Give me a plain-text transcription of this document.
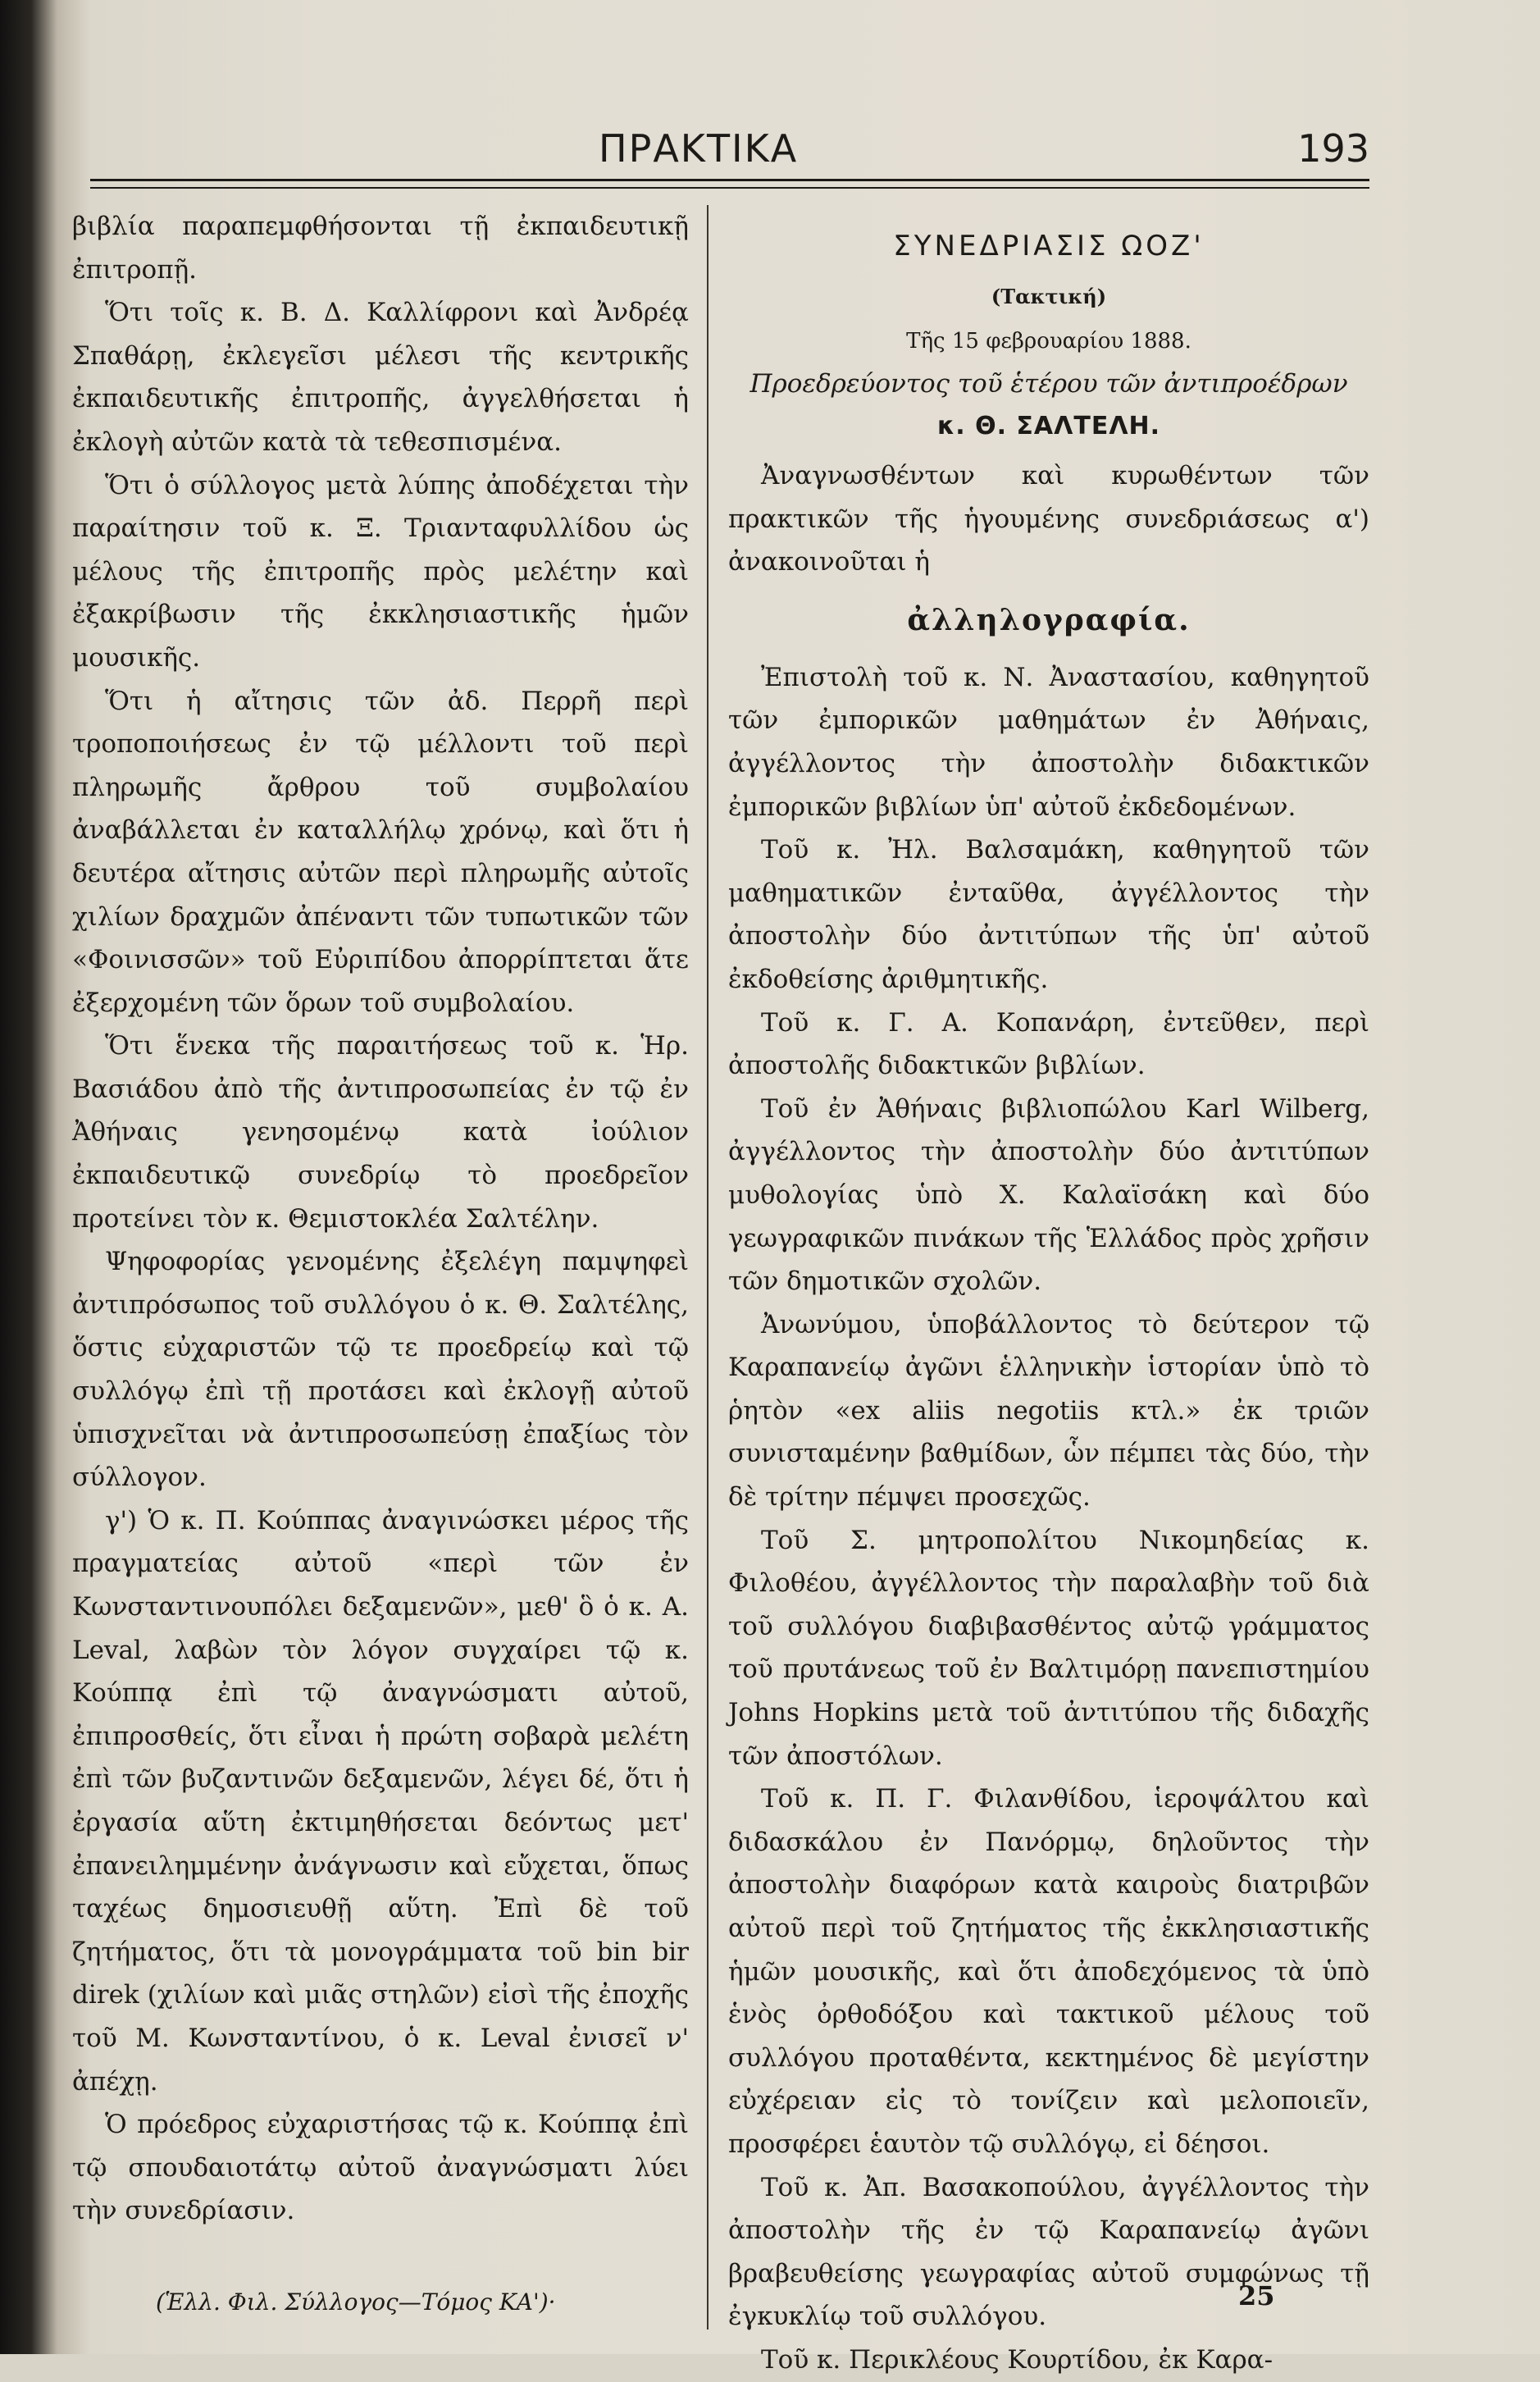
ΠΡΑΚΤΙΚΑ	193

βιβλία παραπεμφθήσονται τῇ ἐκπαιδευτικῇ ἐπιτροπῇ.

Ὅτι τοῖς κ. Β. Δ. Καλλίφρονι καὶ Ἀνδρέᾳ Σπαθάρῃ, ἐκλεγεῖσι μέλεσι τῆς κεντρικῆς ἐκπαιδευτικῆς ἐπιτροπῆς, ἀγγελθήσεται ἡ ἐκλογὴ αὐτῶν κατὰ τὰ τεθεσπισμένα.

Ὅτι ὁ σύλλογος μετὰ λύπης ἀποδέχεται τὴν παραίτησιν τοῦ κ. Ξ. Τριανταφυλλίδου ὡς μέλους τῆς ἐπιτροπῆς πρὸς μελέτην καὶ ἐξακρίβωσιν τῆς ἐκκλησιαστικῆς ἡμῶν μουσικῆς.

Ὅτι ἡ αἴτησις τῶν ἀδ. Περρῆ περὶ τροποποιήσεως ἐν τῷ μέλλοντι τοῦ περὶ πληρωμῆς ἄρθρου τοῦ συμβολαίου ἀναβάλλεται ἐν καταλλήλῳ χρόνῳ, καὶ ὅτι ἡ δευτέρα αἴτησις αὐτῶν περὶ πληρωμῆς αὐτοῖς χιλίων δραχμῶν ἀπέναντι τῶν τυπωτικῶν τῶν «Φοινισσῶν» τοῦ Εὐριπίδου ἀπορρίπτεται ἅτε ἐξερχομένη τῶν ὅρων τοῦ συμβολαίου.

Ὅτι ἕνεκα τῆς παραιτήσεως τοῦ κ. Ἡρ. Βασιάδου ἀπὸ τῆς ἀντιπροσωπείας ἐν τῷ ἐν Ἀθήναις γενησομένῳ κατὰ ἰούλιον ἐκπαιδευτικῷ συνεδρίῳ τὸ προεδρεῖον προτείνει τὸν κ. Θεμιστοκλέα Σαλτέλην.

Ψηφοφορίας γενομένης ἐξελέγη παμψηφεὶ ἀντιπρόσωπος τοῦ συλλόγου ὁ κ. Θ. Σαλτέλης, ὅστις εὐχαριστῶν τῷ τε προεδρείῳ καὶ τῷ συλλόγῳ ἐπὶ τῇ προτάσει καὶ ἐκλογῇ αὐτοῦ ὑπισχνεῖται νὰ ἀντιπροσωπεύσῃ ἐπαξίως τὸν σύλλογον.

γ') Ὁ κ. Π. Κούππας ἀναγινώσκει μέρος τῆς πραγματείας αὐτοῦ «περὶ τῶν ἐν Κωνσταντινουπόλει δεξαμενῶν», μεθ' ὃ ὁ κ. A. Leval, λαβὼν τὸν λόγον συγχαίρει τῷ κ. Κούππᾳ ἐπὶ τῷ ἀναγνώσματι αὐτοῦ, ἐπιπροσθείς, ὅτι εἶναι ἡ πρώτη σοβαρὰ μελέτη ἐπὶ τῶν βυζαντινῶν δεξαμενῶν, λέγει δέ, ὅτι ἡ ἐργασία αὕτη ἐκτιμηθήσεται δεόντως μετ' ἐπανειλημμένην ἀνάγνωσιν καὶ εὔχεται, ὅπως ταχέως δημοσιευθῇ αὕτη. Ἐπὶ δὲ τοῦ ζητήματος, ὅτι τὰ μονογράμματα τοῦ bin bir direk (χιλίων καὶ μιᾶς στηλῶν) εἰσὶ τῆς ἐποχῆς τοῦ Μ. Κωνσταντίνου, ὁ κ. Leval ἐνισεῖ ν' ἀπέχῃ.

Ὁ πρόεδρος εὐχαριστήσας τῷ κ. Κούππᾳ ἐπὶ τῷ σπουδαιοτάτῳ αὐτοῦ ἀναγνώσματι λύει τὴν συνεδρίασιν.

ΣΥΝΕΔΡΙΑΣΙΣ ΩΟΖ'
(Τακτική)
Τῆς 15 φεβρουαρίου 1888.
Προεδρεύοντος τοῦ ἑτέρου τῶν ἀντιπροέδρων
κ. Θ. ΣΑΛΤΕΛΗ.

Ἀναγνωσθέντων καὶ κυρωθέντων τῶν πρακτικῶν τῆς ἡγουμένης συνεδριάσεως α') ἀνακοινοῦται ἡ

ἀλληλογραφία.

Ἐπιστολὴ τοῦ κ. Ν. Ἀναστασίου, καθηγητοῦ τῶν ἐμπορικῶν μαθημάτων ἐν Ἀθήναις, ἀγγέλλοντος τὴν ἀποστολὴν διδακτικῶν ἐμπορικῶν βιβλίων ὑπ' αὐτοῦ ἐκδεδομένων.

Τοῦ κ. Ἠλ. Βαλσαμάκη, καθηγητοῦ τῶν μαθηματικῶν ἐνταῦθα, ἀγγέλλοντος τὴν ἀποστολὴν δύο ἀντιτύπων τῆς ὑπ' αὐτοῦ ἐκδοθείσης ἀριθμητικῆς.

Τοῦ κ. Γ. Α. Κοπανάρη, ἐντεῦθεν, περὶ ἀποστολῆς διδακτικῶν βιβλίων.

Τοῦ ἐν Ἀθήναις βιβλιοπώλου Karl Wilberg, ἀγγέλλοντος τὴν ἀποστολὴν δύο ἀντιτύπων μυθολογίας ὑπὸ Χ. Καλαϊσάκη καὶ δύο γεωγραφικῶν πινάκων τῆς Ἑλλάδος πρὸς χρῆσιν τῶν δημοτικῶν σχολῶν.

Ἀνωνύμου, ὑποβάλλοντος τὸ δεύτερον τῷ Καραπανείῳ ἀγῶνι ἑλληνικὴν ἱστορίαν ὑπὸ τὸ ῥητὸν «ex aliis negotiis κτλ.» ἐκ τριῶν συνισταμένην βαθμίδων, ὧν πέμπει τὰς δύο, τὴν δὲ τρίτην πέμψει προσεχῶς.

Τοῦ Σ. μητροπολίτου Νικομηδείας κ. Φιλοθέου, ἀγγέλλοντος τὴν παραλαβὴν τοῦ διὰ τοῦ συλλόγου διαβιβασθέντος αὐτῷ γράμματος τοῦ πρυτάνεως τοῦ ἐν Βαλτιμόρῃ πανεπιστημίου Johns Hopkins μετὰ τοῦ ἀντιτύπου τῆς διδαχῆς τῶν ἀποστόλων.

Τοῦ κ. Π. Γ. Φιλανθίδου, ἱεροψάλτου καὶ διδασκάλου ἐν Πανόρμῳ, δηλοῦντος τὴν ἀποστολὴν διαφόρων κατὰ καιροὺς διατριβῶν αὐτοῦ περὶ τοῦ ζητήματος τῆς ἐκκλησιαστικῆς ἡμῶν μουσικῆς, καὶ ὅτι ἀποδεχόμενος τὰ ὑπὸ ἑνὸς ὀρθοδόξου καὶ τακτικοῦ μέλους τοῦ συλλόγου προταθέντα, κεκτημένος δὲ μεγίστην εὐχέρειαν εἰς τὸ τονίζειν καὶ μελοποιεῖν, προσφέρει ἑαυτὸν τῷ συλλόγῳ, εἰ δέησοι.

Τοῦ κ. Ἀπ. Βασακοπούλου, ἀγγέλλοντος τὴν ἀποστολὴν τῆς ἐν τῷ Καραπανείῳ ἀγῶνι βραβευθείσης γεωγραφίας αὐτοῦ συμφώνως τῇ ἐγκυκλίῳ τοῦ συλλόγου.

Τοῦ κ. Περικλέους Κουρτίδου, ἐκ Καρα-

(Ἑλλ. Φιλ. Σύλλογος—Τόμος ΚΑ')·	25
